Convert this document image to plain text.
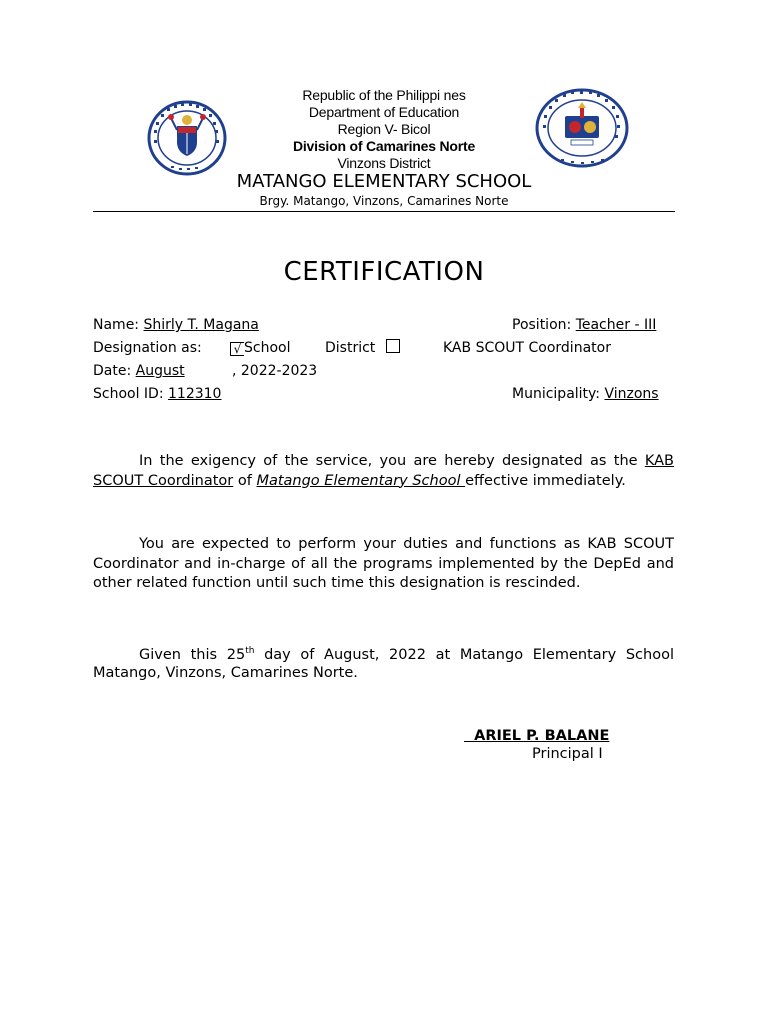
Republic of the Philippi nes
Department of Education
Region V- Bicol
Division of Camarines Norte
Vinzons District
MATANGO ELEMENTARY SCHOOL
Brgy. Matango, Vinzons, Camarines Norte
CERTIFICATION
Name: Shirly T. Magana	Position: Teacher - III
Designation as:	√ School District	KAB SCOUT Coordinator
Date: August	, 2022-2023
School ID: 112310	Municipality: Vinzons
In the exigency of the service, you are hereby designated as the KAB SCOUT Coordinator of Matango Elementary School effective immediately.
You are expected to perform your duties and functions as KAB SCOUT Coordinator and in-charge of all the programs implemented by the DepEd and other related function until such time this designation is rescinded.
Given this 25th day of August, 2022 at Matango Elementary School Matango, Vinzons, Camarines Norte.
ARIEL P. BALANE
Principal I
